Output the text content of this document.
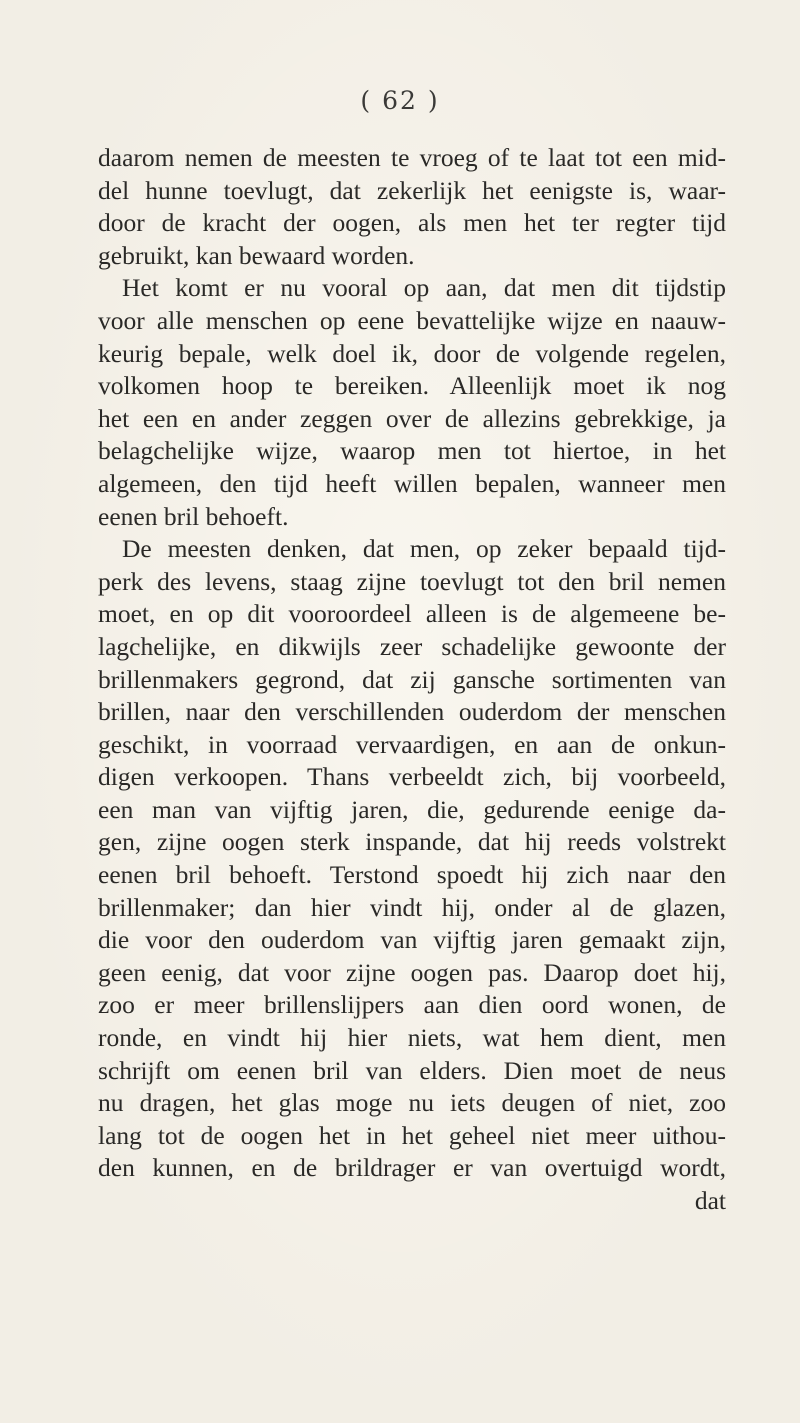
( 62 )
daarom nemen de meesten te vroeg of te laat tot een mid-
del hunne toevlugt, dat zekerlijk het eenigste is, waar-
door de kracht der oogen, als men het ter regter tijd
gebruikt, kan bewaard worden.
Het komt er nu vooral op aan, dat men dit tijdstip
voor alle menschen op eene bevattelijke wijze en naauw-
keurig bepale, welk doel ik, door de volgende regelen,
volkomen hoop te bereiken. Alleenlijk moet ik nog
het een en ander zeggen over de allezins gebrekkige, ja
belagchelijke wijze, waarop men tot hiertoe, in het
algemeen, den tijd heeft willen bepalen, wanneer men
eenen bril behoeft.
De meesten denken, dat men, op zeker bepaald tijd-
perk des levens, staag zijne toevlugt tot den bril nemen
moet, en op dit vooroordeel alleen is de algemeene be-
lagchelijke, en dikwijls zeer schadelijke gewoonte der
brillenmakers gegrond, dat zij gansche sortimenten van
brillen, naar den verschillenden ouderdom der menschen
geschikt, in voorraad vervaardigen, en aan de onkun-
digen verkoopen. Thans verbeeldt zich, bij voorbeeld,
een man van vijftig jaren, die, gedurende eenige da-
gen, zijne oogen sterk inspande, dat hij reeds volstrekt
eenen bril behoeft. Terstond spoedt hij zich naar den
brillenmaker; dan hier vindt hij, onder al de glazen,
die voor den ouderdom van vijftig jaren gemaakt zijn,
geen eenig, dat voor zijne oogen pas. Daarop doet hij,
zoo er meer brillenslijpers aan dien oord wonen, de
ronde, en vindt hij hier niets, wat hem dient, men
schrijft om eenen bril van elders. Dien moet de neus
nu dragen, het glas moge nu iets deugen of niet, zoo
lang tot de oogen het in het geheel niet meer uithou-
den kunnen, en de brildrager er van overtuigd wordt,
dat
